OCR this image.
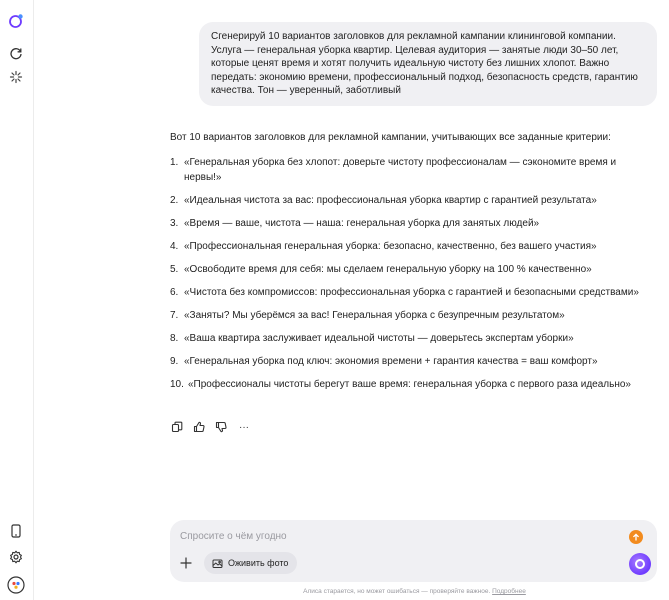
Сгенерируй 10 вариантов заголовков для рекламной кампании клининговой компании. Услуга — генеральная уборка квартир. Целевая аудитория — занятые люди 30–50 лет, которые ценят время и хотят получить идеальную чистоту без лишних хлопот. Важно передать: экономию времени, профессиональный подход, безопасность средств, гарантию качества. Тон — уверенный, заботливый

Вот 10 вариантов заголовков для рекламной кампании, учитывающих все заданные критерии:

1. «Генеральная уборка без хлопот: доверьте чистоту профессионалам — сэкономите время и нервы!»
2. «Идеальная чистота за вас: профессиональная уборка квартир с гарантией результата»
3. «Время — ваше, чистота — наша: генеральная уборка для занятых людей»
4. «Профессиональная генеральная уборка: безопасно, качественно, без вашего участия»
5. «Освободите время для себя: мы сделаем генеральную уборку на 100 % качественно»
6. «Чистота без компромиссов: профессиональная уборка с гарантией и безопасными средствами»
7. «Заняты? Мы уберёмся за вас! Генеральная уборка с безупречным результатом»
8. «Ваша квартира заслуживает идеальной чистоты — доверьтесь экспертам уборки»
9. «Генеральная уборка под ключ: экономия времени + гарантия качества = ваш комфорт»
10. «Профессионалы чистоты берегут ваше время: генеральная уборка с первого раза идеально»
···
Спросите о чём угодно
Оживить фото
Алиса старается, но может ошибаться — проверяйте важное. Подробнее
